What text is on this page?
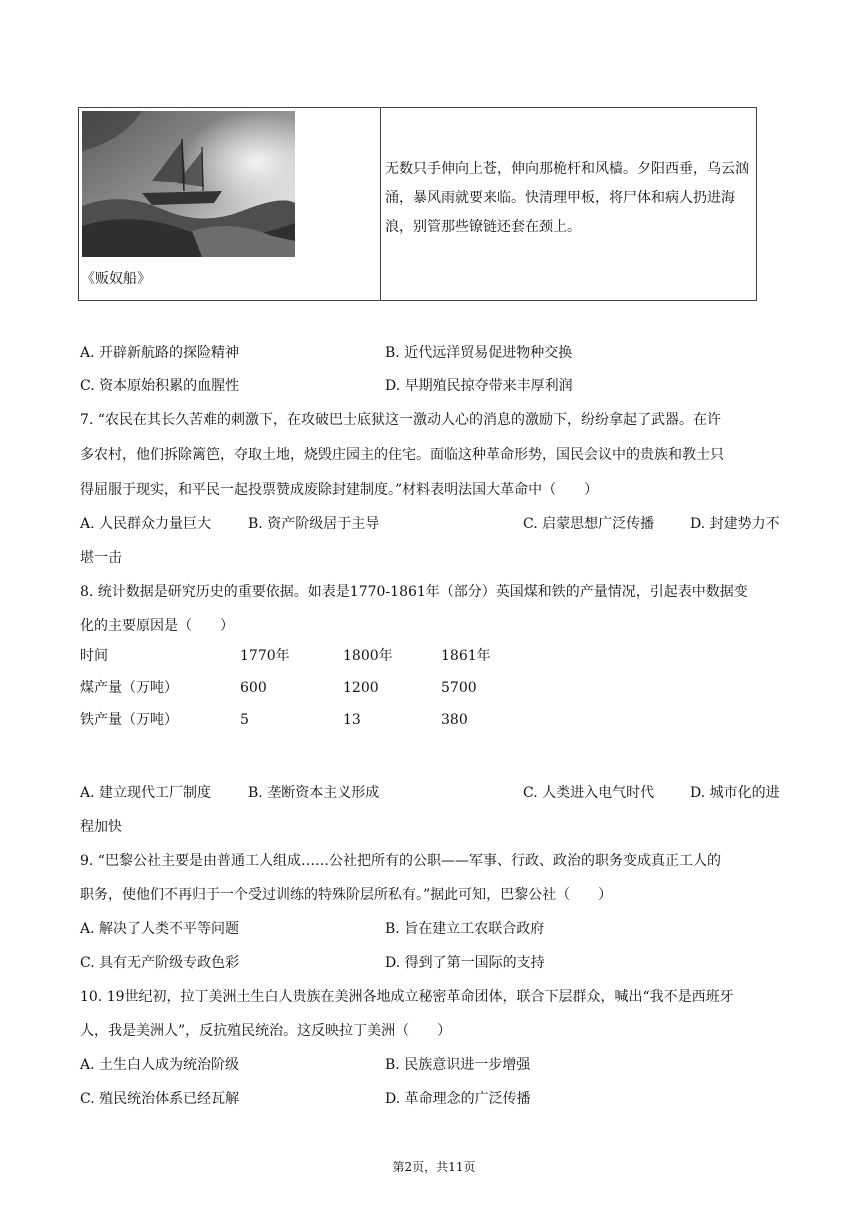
《贩奴船》

无数只手伸向上苍，伸向那桅杆和风樯。夕阳西垂，乌云汹涌，暴风雨就要来临。快清理甲板，将尸体和病人扔进海浪，别管那些镣链还套在颈上。
A. 开辟新航路的探险精神	B. 近代远洋贸易促进物种交换
C. 资本原始积累的血腥性	D. 早期殖民掠夺带来丰厚利润
7. “农民在其长久苦难的刺激下，在攻破巴士底狱这一激动人心的消息的激励下，纷纷拿起了武器。在许
多农村，他们拆除篱笆，夺取土地，烧毁庄园主的住宅。面临这种革命形势，国民会议中的贵族和教士只
得屈服于现实，和平民一起投票赞成废除封建制度。”材料表明法国大革命中（　　）
A. 人民群众力量巨大	B. 资产阶级居于主导	C. 启蒙思想广泛传播	D. 封建势力不
堪一击
8. 统计数据是研究历史的重要依据。如表是1770-1861年（部分）英国煤和铁的产量情况，引起表中数据变
化的主要原因是（　　）
时间	1770年	1800年	1861年
煤产量（万吨）	600	1200	5700
铁产量（万吨）	5	13	380
A. 建立现代工厂制度	B. 垄断资本主义形成	C. 人类进入电气时代	D. 城市化的进
程加快
9. “巴黎公社主要是由普通工人组成……公社把所有的公职——军事、行政、政治的职务变成真正工人的
职务，使他们不再归于一个受过训练的特殊阶层所私有。”据此可知，巴黎公社（　　）
A. 解决了人类不平等问题	B. 旨在建立工农联合政府
C. 具有无产阶级专政色彩	D. 得到了第一国际的支持
10. 19世纪初，拉丁美洲土生白人贵族在美洲各地成立秘密革命团体，联合下层群众，喊出“我不是西班牙
人，我是美洲人”，反抗殖民统治。这反映拉丁美洲（　　）
A. 土生白人成为统治阶级	B. 民族意识进一步增强
C. 殖民统治体系已经瓦解	D. 革命理念的广泛传播
第2页，共11页
